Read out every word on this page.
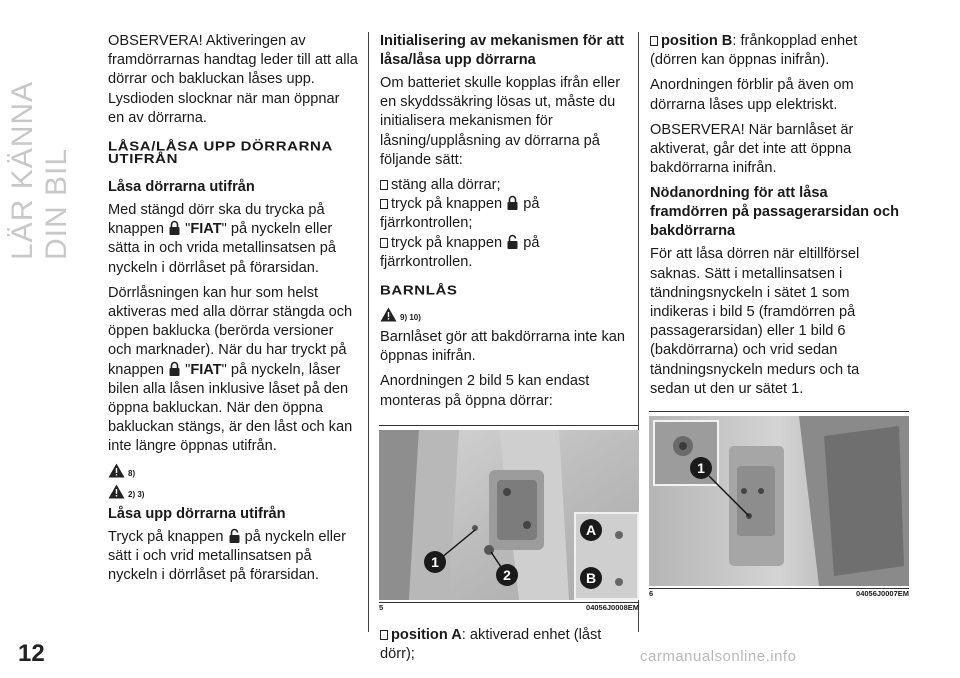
LÄR KÄNNA DIN BIL

OBSERVERA! Aktiveringen av framdörrarnas handtag leder till att alla dörrar och bakluckan låses upp. Lysdioden slocknar när man öppnar en av dörrarna.

LÅSA/LÅSA UPP DÖRRARNA UTIFRÅN
Låsa dörrarna utifrån

Med stängd dörr ska du trycka på knappen  "FIAT" på nyckeln eller sätta in och vrida metallinsatsen på nyckeln i dörrlåset på förarsidan.

Dörrlåsningen kan hur som helst aktiveras med alla dörrar stängda och öppen baklucka (berörda versioner och marknader). När du har tryckt på knappen  "FIAT" på nyckeln, låser bilen alla låsen inklusive låset på den öppna bakluckan. När den öppna bakluckan stängs, är den låst och kan inte längre öppnas utifrån.

8)
2) 3)
Låsa upp dörrarna utifrån

Tryck på knappen på nyckeln eller sätt i och vrid metallinsatsen på nyckeln i dörrlåset på förarsidan.

Initialisering av mekanismen för att låsa/låsa upp dörrarna

Om batteriet skulle kopplas ifrån eller en skyddssäkring lösas ut, måste du initialisera mekanismen för låsning/upplåsning av dörrarna på följande sätt:

stäng alla dörrar;
tryck på knappen på fjärrkontrollen;
tryck på knappen på fjärrkontrollen.

BARNLÅS
9) 10)

Barnlåset gör att bakdörrarna inte kan öppnas inifrån.

Anordningen 2 bild 5 kan endast monteras på öppna dörrar:

1
2
A
B
5	04056J0008EM

position A: aktiverad enhet (låst dörr);

position B: frånkopplad enhet (dörren kan öppnas inifrån).

Anordningen förblir på även om dörrarna låses upp elektriskt.

OBSERVERA! När barnlåset är aktiverat, går det inte att öppna bakdörrarna inifrån.

Nödanordning för att låsa framdörren på passagerarsidan och bakdörrarna

För att låsa dörren när eltillförsel saknas. Sätt i metallinsatsen i tändningsnyckeln i sätet 1 som indikeras i bild 5 (framdörren på passagerarsidan) eller 1 bild 6 (bakdörrarna) och vrid sedan tändningsnyckeln medurs och ta sedan ut den ur sätet 1.

1
6	04056J0007EM
12	carmanualsonline.info
